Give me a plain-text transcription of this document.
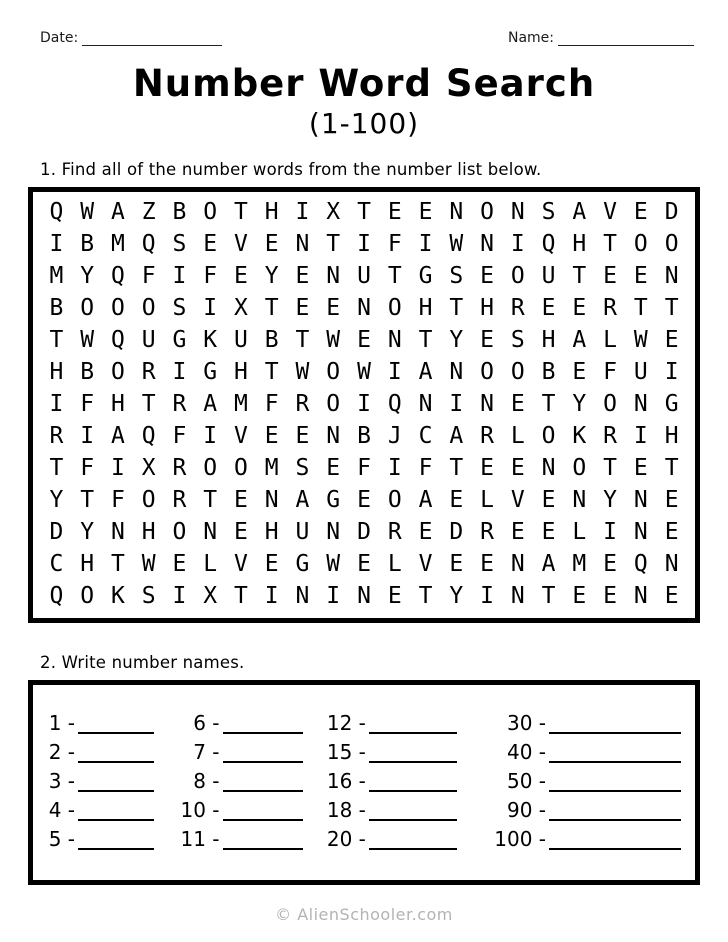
Date:	Name:
Number Word Search
(1-100)
1. Find all of the number words from the number list below.
Q W A Z B O T H I X T E E N O N S A V E D
I B M Q S E V E N T I F I W N I Q H T O O
M Y Q F I F E Y E N U T G S E O U T E E N
B O O O S I X T E E N O H T H R E E R T T
T W Q U G K U B T W E N T Y E S H A L W E
H B O R I G H T W O W I A N O O B E F U I
I F H T R A M F R O I Q N I N E T Y O N G
R I A Q F I V E E N B J C A R L O K R I H
T F I X R O O M S E F I F T E E N O T E T
Y T F O R T E N A G E O A E L V E N Y N E
D Y N H O N E H U N D R E D R E E L I N E
C H T W E L V E G W E L V E E N A M E Q N
Q O K S I X T I N I N E T Y I N T E E N E
2. Write number names.
1 -
2 -
3 -
4 -
5 -
6 -
7 -
8 -
10 -
11 -
12 -
15 -
16 -
18 -
20 -
30 -
40 -
50 -
90 -
100 -
© AlienSchooler.com
